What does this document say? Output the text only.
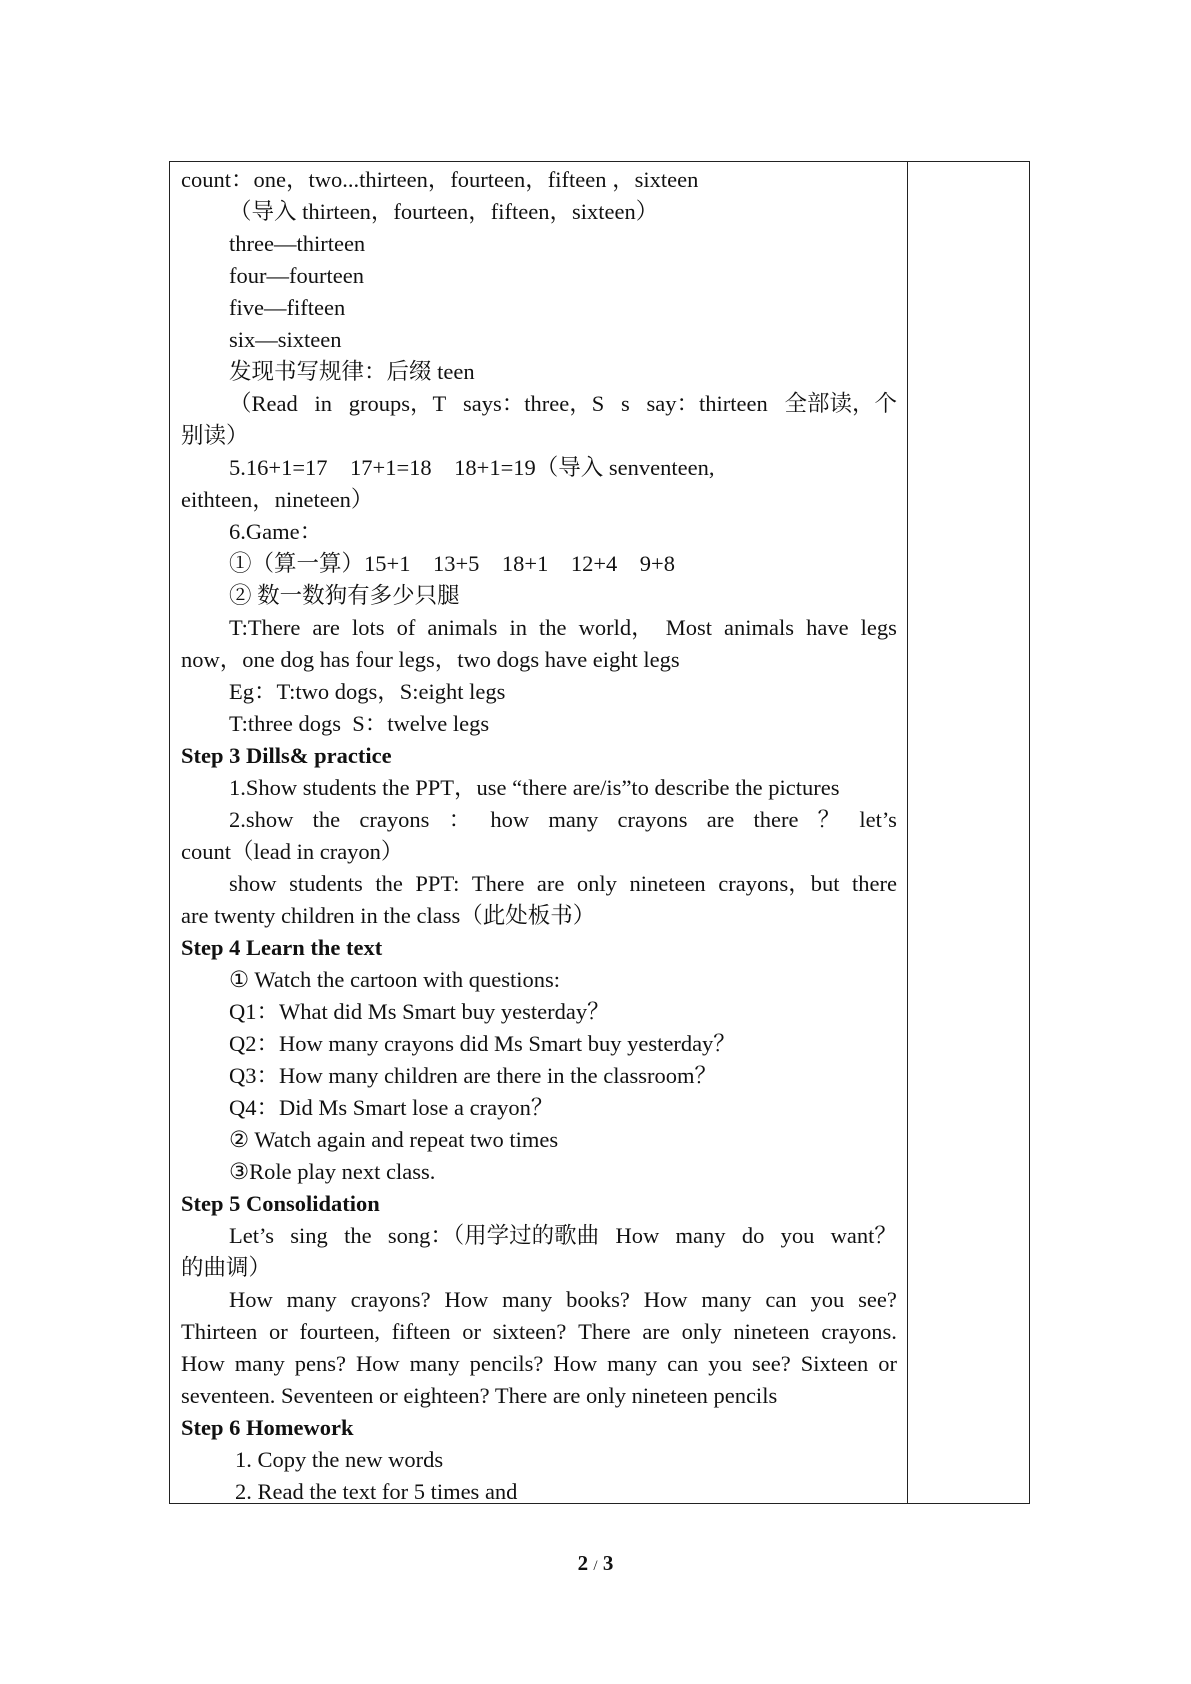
count：one，two...thirteen，fourteen，fifteen ，sixteen
（导入 thirteen，fourteen，fifteen，sixteen）
three—thirteen
four—fourteen
five—fifteen
six—sixteen
发现书写规律：后缀 teen
（Read in groups，T says：three，S s say：thirteen 全部读，个
别读）
5.16+1=17    17+1=18    18+1=19（导入 senventeen,
eithteen，nineteen）
6.Game：
①（算一算）15+1    13+5    18+1    12+4    9+8
② 数一数狗有多少只腿
T:There are lots of animals in the world， Most animals have legs
now，one dog has four legs，two dogs have eight legs
Eg：T:two dogs，S:eight legs
T:three dogs  S：twelve legs
Step 3 Dills& practice
1.Show students the PPT，use “there are/is”to describe the pictures
2.show the crayons ： how many crayons are there ？ let’s
count（lead in crayon）
show students the PPT: There are only nineteen crayons，but there
are twenty children in the class（此处板书）
Step 4 Learn the text
① Watch the cartoon with questions:
Q1：What did Ms Smart buy yesterday？
Q2：How many crayons did Ms Smart buy yesterday？
Q3：How many children are there in the classroom？
Q4：Did Ms Smart lose a crayon？
② Watch again and repeat two times
③Role play next class.
Step 5 Consolidation
Let’s sing the song：（用学过的歌曲 How many do you want？
的曲调）
How many crayons? How many books? How many can you see?
Thirteen or fourteen, fifteen or sixteen? There are only nineteen crayons.
How many pens? How many pencils? How many can you see? Sixteen or
seventeen. Seventeen or eighteen? There are only nineteen pencils
Step 6 Homework
1. Copy the new words
2. Read the text for 5 times and
2 / 3
